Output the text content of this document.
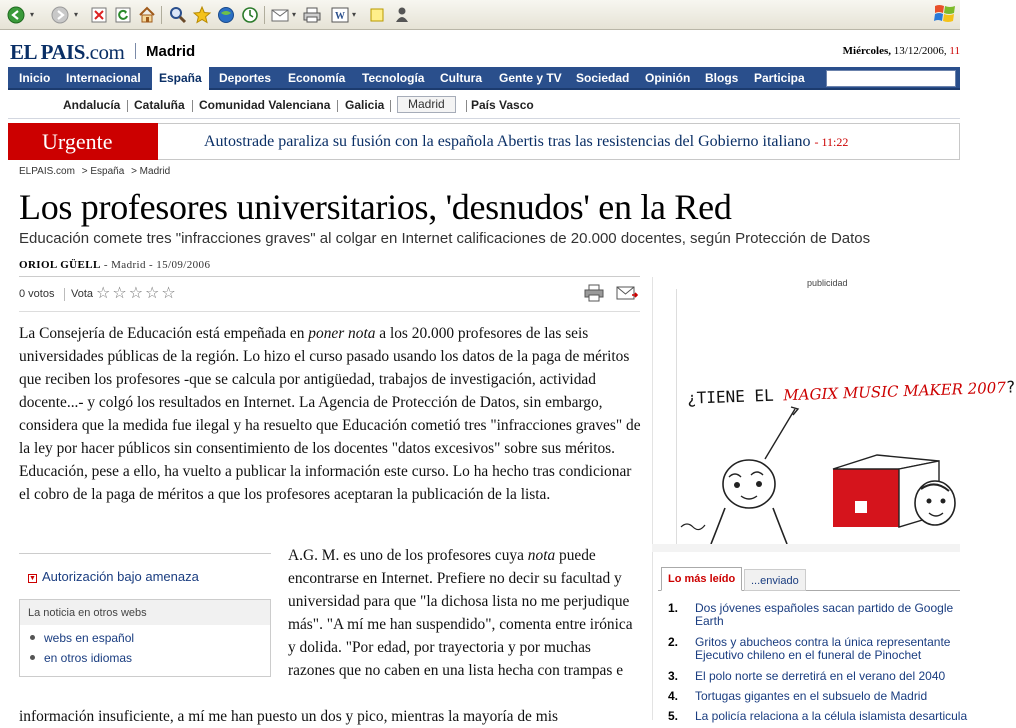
▾	▾	▾	W ▾
EL PAIS.com Madrid	Miércoles, 13/12/2006, 11
Inicio	Internacional	España	Deportes	Economía	Tecnología	Cultura	Gente y TV	Sociedad	Opinión	Blogs	Participa
Andalucía Cataluña Comunidad Valenciana Galicia	Madrid	País Vasco
Urgente	Autostrade paraliza su fusión con la española Abertis tras las resistencias del Gobierno italiano - 11:22
ELPAIS.com > España > Madrid
Los profesores universitarios, 'desnudos' en la Red
Educación comete tres "infracciones graves" al colgar en Internet calificaciones de 20.000 docentes, según Protección de Datos
ORIOL GÜELL - Madrid - 15/09/2006
0 votos Vota ☆ ☆ ☆ ☆ ☆
La Consejería de Educación está empeñada en poner nota a los 20.000 profesores de las seis universidades públicas de la región. Lo hizo el curso pasado usando los datos de la paga de méritos que reciben los profesores -que se calcula por antigüedad, trabajos de investigación, actividad docente...- y colgó los resultados en Internet. La Agencia de Protección de Datos, sin embargo, considera que la medida fue ilegal y ha resuelto que Educación cometió tres "infracciones graves" de la ley por hacer públicos sin consentimiento de los docentes "datos excesivos" sobre sus méritos. Educación, pese a ello, ha vuelto a publicar la información este curso. Lo ha hecho tras condicionar el cobro de la paga de méritos a que los profesores aceptaran la publicación de la lista.
▼ Autorización bajo amenaza
La noticia en otros webs
webs en español
en otros idiomas
A.G. M. es uno de los profesores cuya nota puede encontrarse en Internet. Prefiere no decir su facultad y universidad para que "la dichosa lista no me perjudique más". "A mí me han suspendido", comenta entre irónica y dolida. "Por edad, por trayectoria y por muchas razones que no caben en una lista hecha con trampas e
información insuficiente, a mí me han puesto un dos y pico, mientras la mayoría de mis
publicidad
¿TIENE EL MAGIX MUSIC MAKER 2007?
Lo más leído	...enviado
1. Dos jóvenes españoles sacan partido de Google
Earth
2. Gritos y abucheos contra la única representante
Ejecutivo chileno en el funeral de Pinochet
3. El polo norte se derretirá en el verano del 2040
4. Tortugas gigantes en el subsuelo de Madrid
5. La policía relaciona a la célula islamista desarticula
